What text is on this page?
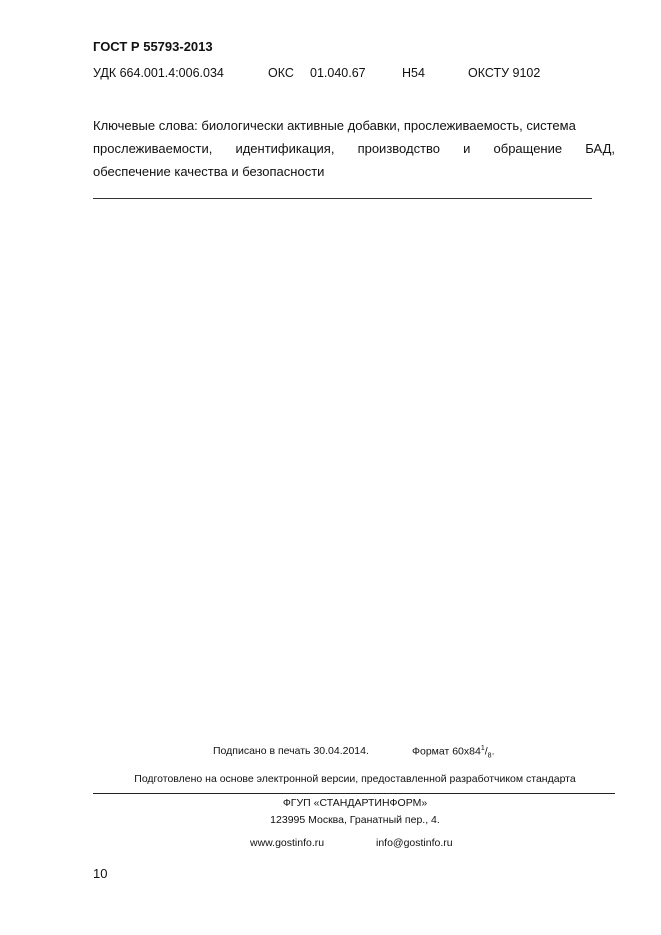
ГОСТ Р 55793-2013
УДК 664.001.4:006.034	ОКС 01.040.67	Н54	ОКСТУ 9102
Ключевые слова: биологически активные добавки, прослеживаемость, система
прослеживаемости, идентификация, производство и обращение БАД,
обеспечение качества и безопасности
Подписано в печать 30.04.2014.	Формат $60x84^1/_8$.
Подготовлено на основе электронной версии, предоставленной разработчиком стандарта
ФГУП «СТАНДАРТИНФОРМ»
123995 Москва, Гранатный пер., 4.
www.gostinfo.ru	info@gostinfo.ru
10
